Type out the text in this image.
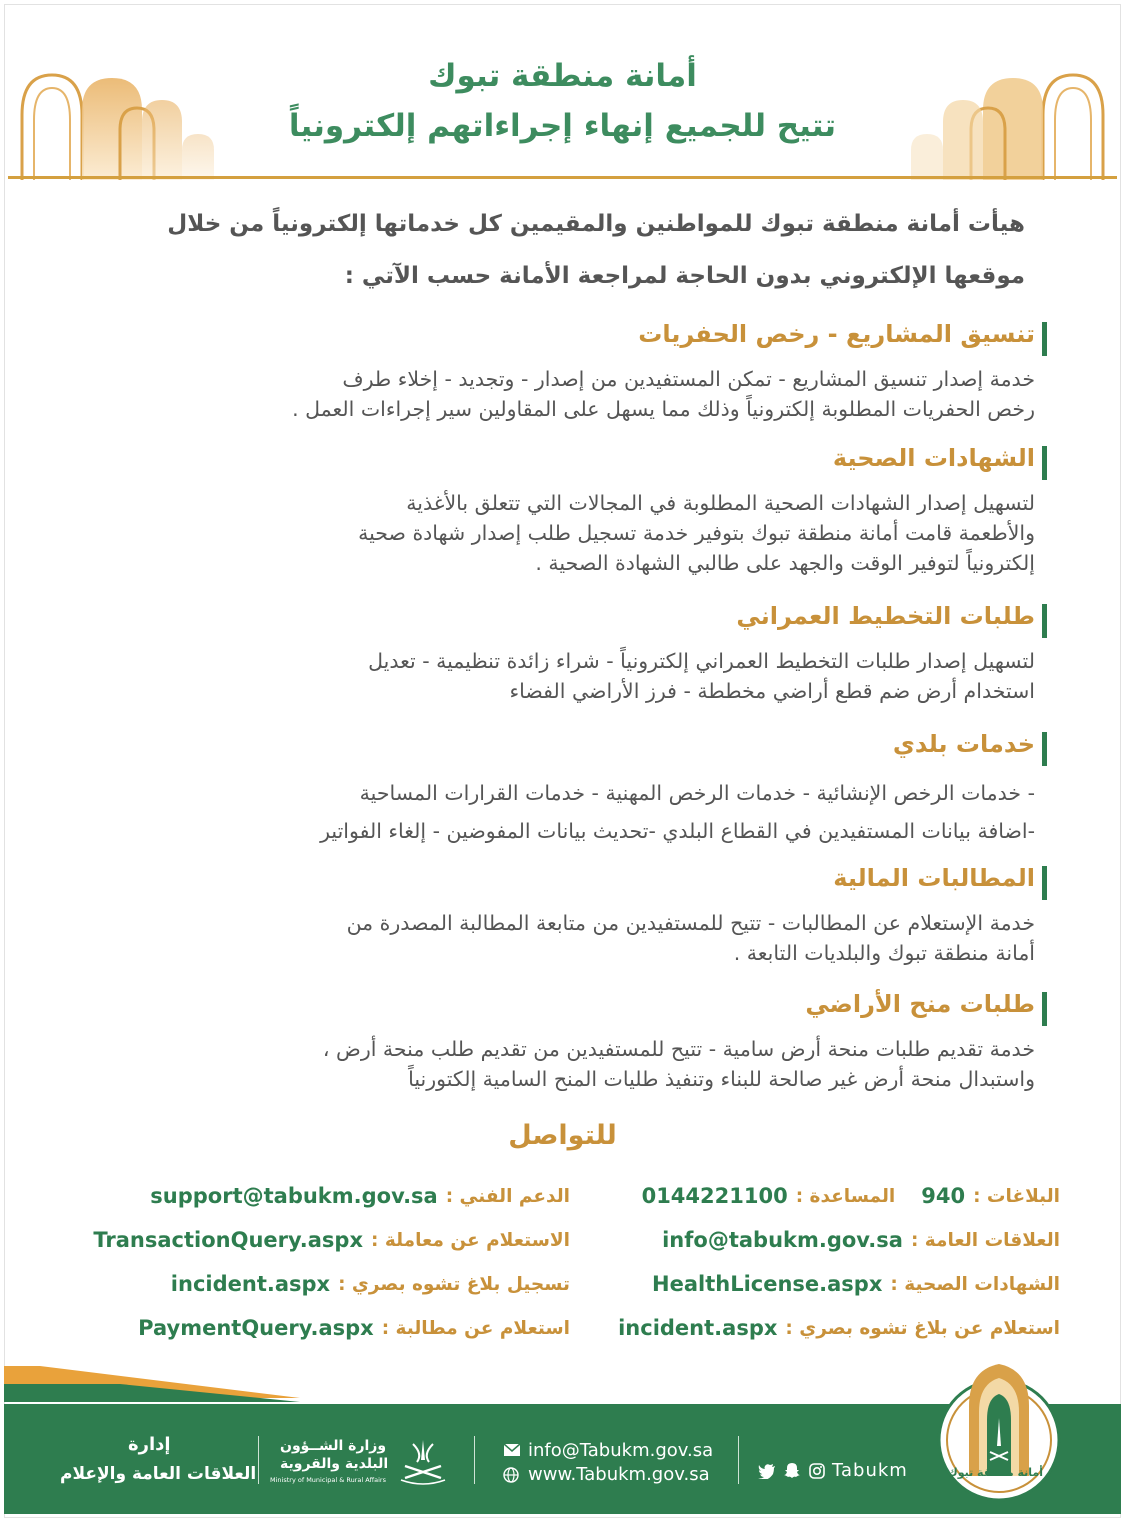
أمانة منطقة تبوك
تتيح للجميع إنهاء إجراءاتهم إلكترونياً
هيأت أمانة منطقة تبوك للمواطنين والمقيمين كل خدماتها إلكترونياً من خلال
موقعها الإلكتروني بدون الحاجة لمراجعة الأمانة حسب الآتي :
تنسيق المشاريع - رخص الحفريات
خدمة إصدار تنسيق المشاريع - تمكن المستفيدين من إصدار - وتجديد - إخلاء طرف
رخص الحفريات المطلوبة إلكترونياً وذلك مما يسهل على المقاولين سير إجراءات العمل .
الشهادات الصحية
لتسهيل إصدار الشهادات الصحية المطلوبة في المجالات التي تتعلق بالأغذية
والأطعمة قامت أمانة منطقة تبوك بتوفير خدمة تسجيل طلب إصدار شهادة صحية
إلكترونياً لتوفير الوقت والجهد على طالبي الشهادة الصحية .
طلبات التخطيط العمراني
لتسهيل إصدار طلبات التخطيط العمراني إلكترونياً - شراء زائدة تنظيمية - تعديل
استخدام أرض ضم قطع أراضي مخططة - فرز الأراضي الفضاء
خدمات بلدي
- خدمات الرخص الإنشائية - خدمات الرخص المهنية - خدمات القرارات المساحية
-اضافة بيانات المستفيدين في القطاع البلدي -تحديث بيانات المفوضين - إلغاء الفواتير
المطالبات المالية
خدمة الإستعلام عن المطالبات - تتيح للمستفيدين من متابعة المطالبة المصدرة من
أمانة منطقة تبوك والبلديات التابعة .
طلبات منح الأراضي
خدمة تقديم طلبات منحة أرض سامية - تتيح للمستفيدين من تقديم طلب منحة أرض ،
واستبدال منحة أرض غير صالحة للبناء وتنفيذ طليات المنح السامية إلكتورنياً
للتواصل
البلاغات :
940
المساعدة :
0144221100
العلاقات العامة :
info@tabukm.gov.sa
الشهادات الصحية :
HealthLicense.aspx
استعلام عن بلاغ تشوه بصري :
incident.aspx
الدعم الفني :
support@tabukm.gov.sa
الاستعلام عن معاملة :
TransactionQuery.aspx
تسجيل بلاغ تشوه بصري :
incident.aspx
استعلام عن مطالبة :
PaymentQuery.aspx
إدارة
العلاقات العامة والإعلام
وزارة الشــؤون
البلدية والقروية
Ministry of Municipal & Rural Affairs
info@Tabukm.gov.sa
www.Tabukm.gov.sa	Tabukm	أمانة منطقة تبوك
